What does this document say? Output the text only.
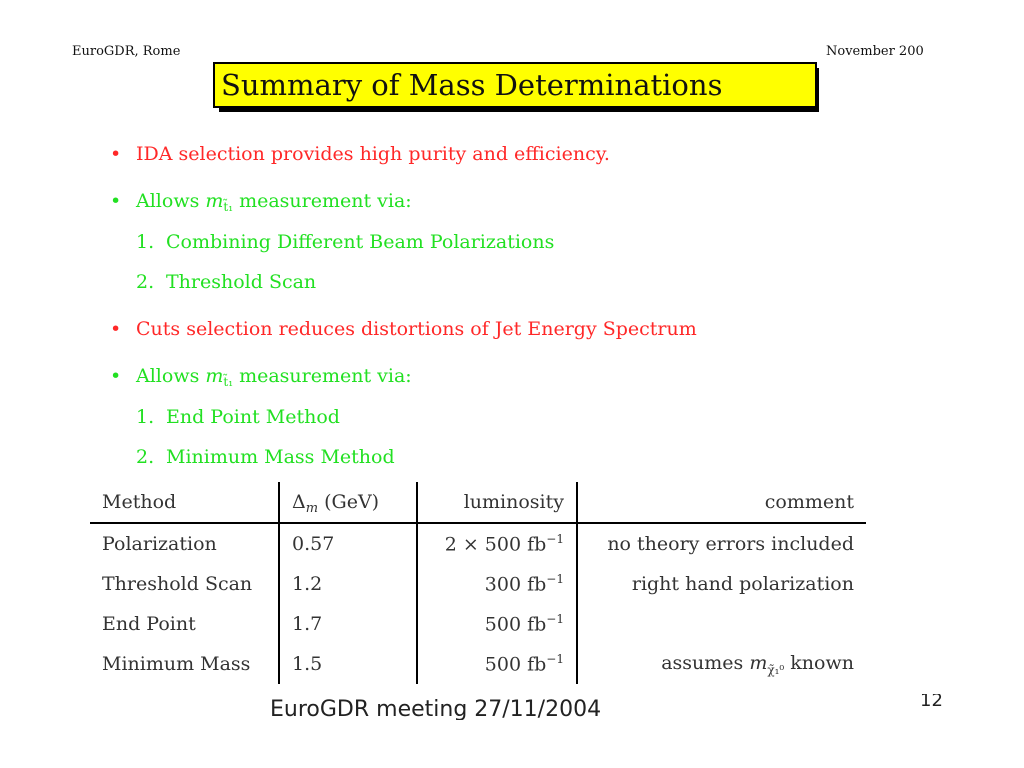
EuroGDR, Rome	November 200
Summary of Mass Determinations
• IDA selection provides high purity and efficiency.
• Allows $m_{t̃_1}$ measurement via:
1. Combining Different Beam Polarizations
2. Threshold Scan
• Cuts selection reduces distortions of Jet Energy Spectrum
• Allows $m_{t̃_1}$ measurement via:
1. End Point Method
2. Minimum Mass Method
Method	$\Delta_m$ (GeV)	luminosity	comment
Polarization	0.57	2 × 500 $fb^{-1}$	no theory errors included
Threshold Scan	1.2	300 $fb^{-1}$	right hand polarization
End Point	1.7	500 $fb^{-1}$	
Minimum Mass	1.5	500 $fb^{-1}$	assumes $m_{\chĩ_1^0}$ known
EuroGDR meeting 27/11/2004	12
